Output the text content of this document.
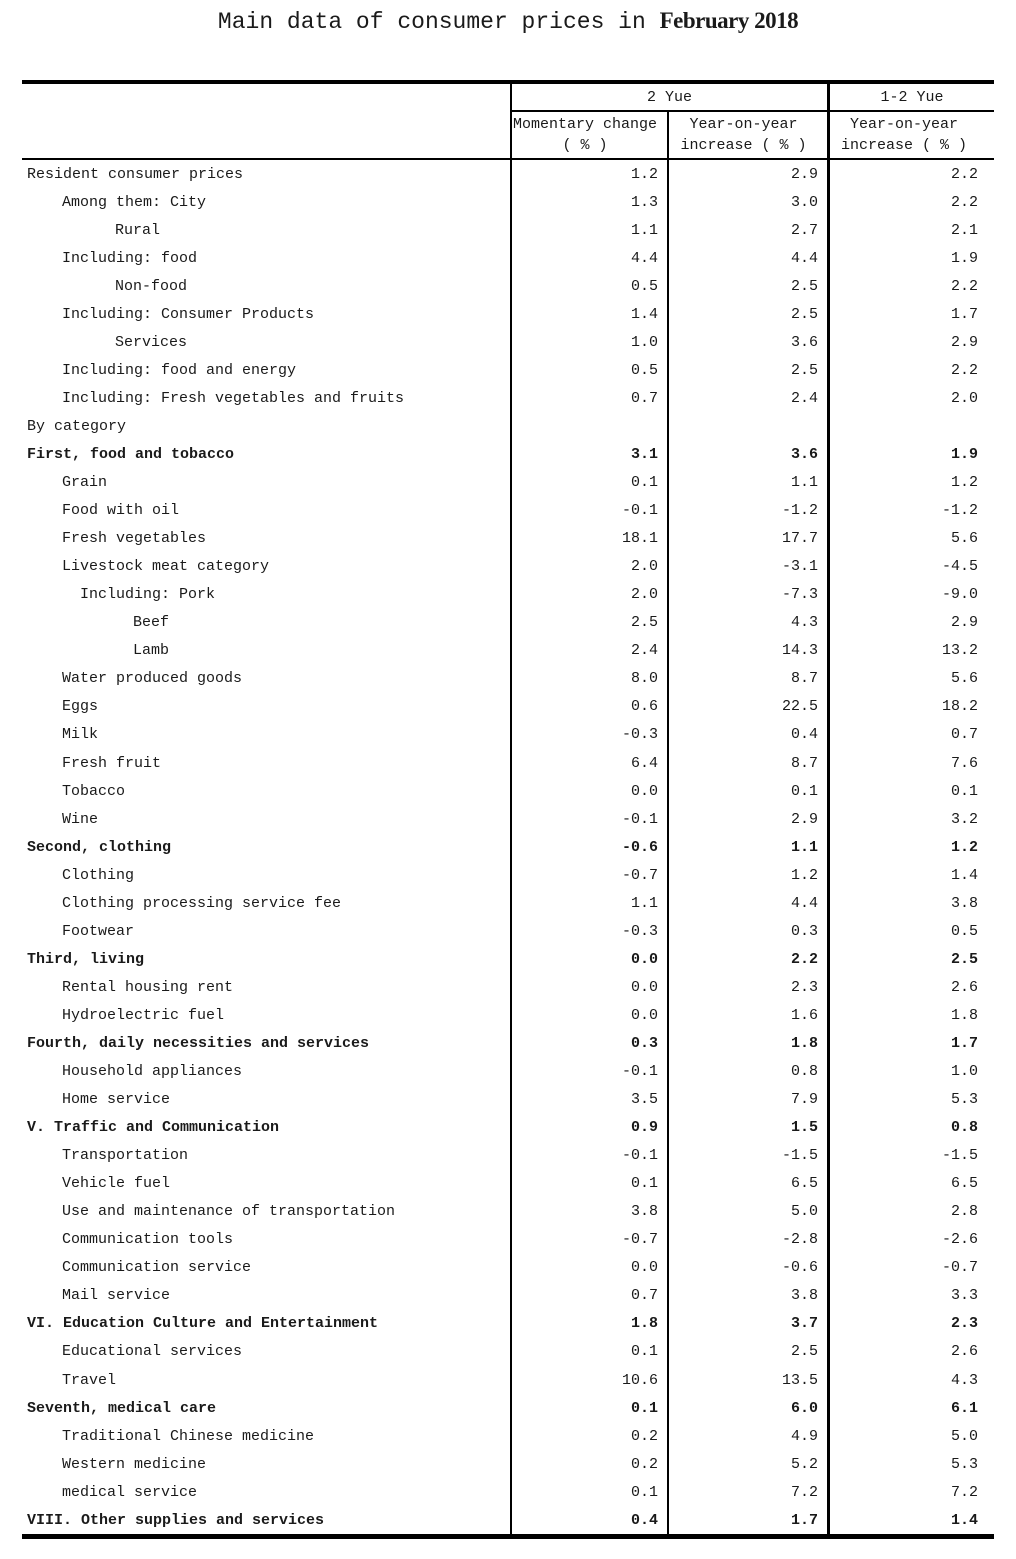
Main data of consumer prices in February 2018
2 Yue	1-2 Yue
Momentary change
( % )
Year-on-year
increase ( % )
Year-on-year
increase ( % )
Resident consumer prices	1.2	2.9	2.2
Among them: City	1.3	3.0	2.2
Rural	1.1	2.7	2.1
Including: food	4.4	4.4	1.9
Non-food	0.5	2.5	2.2
Including: Consumer Products	1.4	2.5	1.7
Services	1.0	3.6	2.9
Including: food and energy	0.5	2.5	2.2
Including: Fresh vegetables and fruits	0.7	2.4	2.0
By category
First, food and tobacco	3.1	3.6	1.9
Grain	0.1	1.1	1.2
Food with oil	-0.1	-1.2	-1.2
Fresh vegetables	18.1	17.7	5.6
Livestock meat category	2.0	-3.1	-4.5
Including: Pork	2.0	-7.3	-9.0
Beef	2.5	4.3	2.9
Lamb	2.4	14.3	13.2
Water produced goods	8.0	8.7	5.6
Eggs	0.6	22.5	18.2
Milk	-0.3	0.4	0.7
Fresh fruit	6.4	8.7	7.6
Tobacco	0.0	0.1	0.1
Wine	-0.1	2.9	3.2
Second, clothing	-0.6	1.1	1.2
Clothing	-0.7	1.2	1.4
Clothing processing service fee	1.1	4.4	3.8
Footwear	-0.3	0.3	0.5
Third, living	0.0	2.2	2.5
Rental housing rent	0.0	2.3	2.6
Hydroelectric fuel	0.0	1.6	1.8
Fourth, daily necessities and services	0.3	1.8	1.7
Household appliances	-0.1	0.8	1.0
Home service	3.5	7.9	5.3
V. Traffic and Communication	0.9	1.5	0.8
Transportation	-0.1	-1.5	-1.5
Vehicle fuel	0.1	6.5	6.5
Use and maintenance of transportation	3.8	5.0	2.8
Communication tools	-0.7	-2.8	-2.6
Communication service	0.0	-0.6	-0.7
Mail service	0.7	3.8	3.3
VI. Education Culture and Entertainment	1.8	3.7	2.3
Educational services	0.1	2.5	2.6
Travel	10.6	13.5	4.3
Seventh, medical care	0.1	6.0	6.1
Traditional Chinese medicine	0.2	4.9	5.0
Western medicine	0.2	5.2	5.3
medical service	0.1	7.2	7.2
VIII. Other supplies and services	0.4	1.7	1.4
